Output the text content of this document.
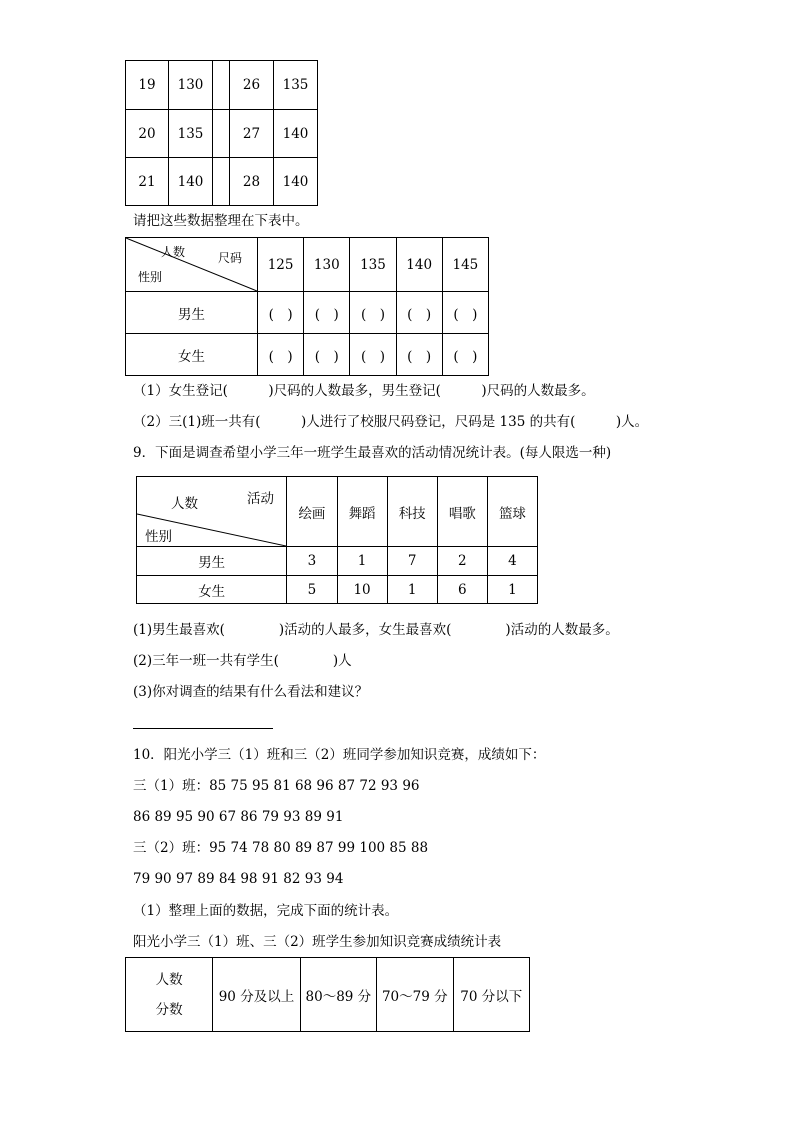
19	130		26	135
20	135		27	140
21	140		28	140
请把这些数据整理在下表中。
人数 尺码
性别	125	130	135	140	145
男生	(　)	(　)	(　)	(　)	(　)
女生	(　)	(　)	(　)	(　)	(　)
（1）女生登记(　　　)尺码的人数最多，男生登记(　　　)尺码的人数最多。
（2）三(1)班一共有(　　　)人进行了校服尺码登记，尺码是 135 的共有(　　　)人。
9．下面是调查希望小学三年一班学生最喜欢的活动情况统计表。(每人限选一种)
人数 活动
性别	绘画	舞蹈	科技	唱歌	篮球
男生	3	1	7	2	4
女生	5	10	1	6	1
(1)男生最喜欢(　　　　)活动的人最多，女生最喜欢(　　　　)活动的人数最多。
(2)三年一班一共有学生(　　　　)人
(3)你对调查的结果有什么看法和建议？
10．阳光小学三（1）班和三（2）班同学参加知识竞赛，成绩如下：
三（1）班：85 75 95 81 68 96 87 72 93 96
86 89 95 90 67 86 79 93 89 91
三（2）班：95 74 78 80 89 87 99 100 85 88
79 90 97 89 84 98 91 82 93 94
（1）整理上面的数据，完成下面的统计表。
阳光小学三（1）班、三（2）班学生参加知识竞赛成绩统计表
人数
分数
	90 分及以上	80～89 分	70～79 分	70 分以下
